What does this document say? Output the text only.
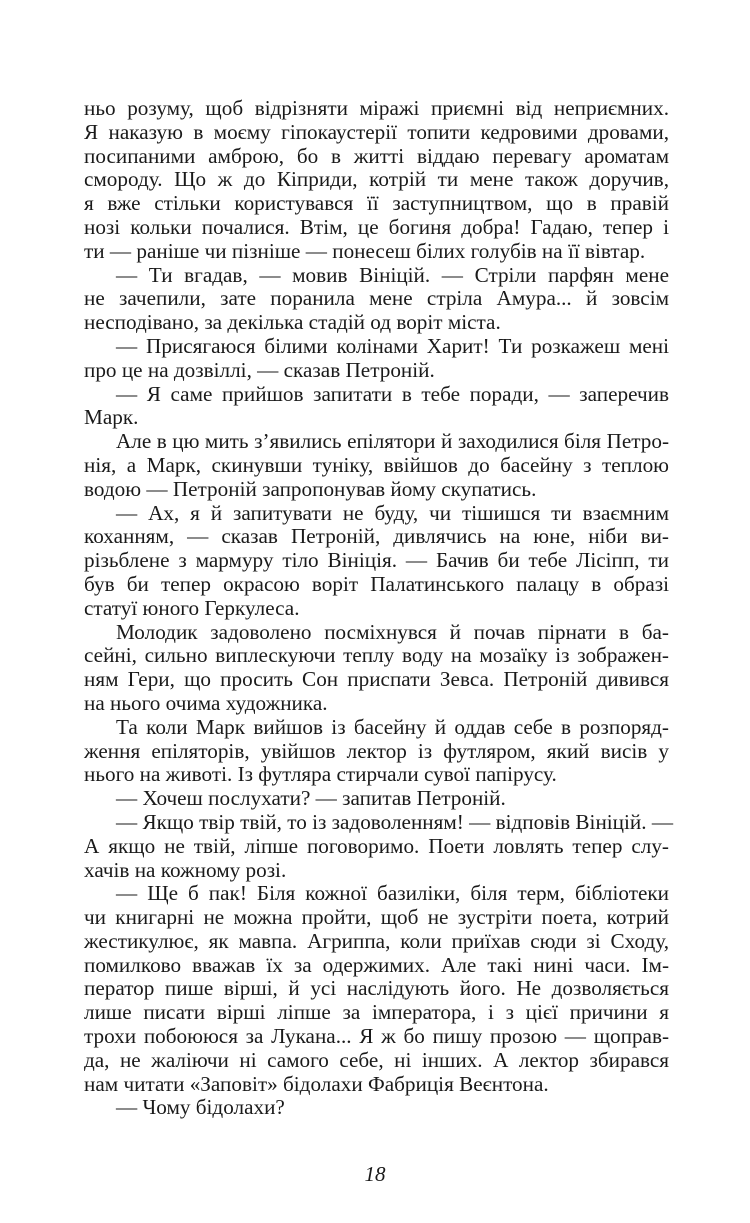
ньо розуму, щоб відрізняти міражі приємні від неприємних.
Я наказую в моєму гіпокаустерії топити кедровими дровами,
посипаними амброю, бо в житті віддаю перевагу ароматам
смороду. Що ж до Кіприди, котрій ти мене також доручив,
я вже стільки користувався її заступництвом, що в правій
нозі кольки почалися. Втім, це богиня добра! Гадаю, тепер і
ти — раніше чи пізніше — понесеш білих голубів на її вівтар.
— Ти вгадав, — мовив Вініцій. — Стріли парфян мене
не зачепили, зате поранила мене стріла Амура... й зовсім
несподівано, за декілька стадій од воріт міста.
— Присягаюся білими колінами Харит! Ти розкажеш мені
про це на дозвіллі, — сказав Петроній.
— Я саме прийшов запитати в тебе поради, — заперечив
Марк.
Але в цю мить з’явились епілятори й заходилися біля Петро-
нія, а Марк, скинувши туніку, ввійшов до басейну з теплою
водою — Петроній запропонував йому скупатись.
— Ах, я й запитувати не буду, чи тішишся ти взаємним
коханням, — сказав Петроній, дивлячись на юне, ніби ви-
різьблене з мармуру тіло Вініція. — Бачив би тебе Лісіпп, ти
був би тепер окрасою воріт Палатинського палацу в образі
статуї юного Геркулеса.
Молодик задоволено посміхнувся й почав пірнати в ба-
сейні, сильно виплескуючи теплу воду на мозаїку із зображен-
ням Гери, що просить Сон приспати Зевса. Петроній дивився
на нього очима художника.
Та коли Марк вийшов із басейну й оддав себе в розпоряд-
ження епіляторів, увійшов лектор із футляром, який висів у
нього на животі. Із футляра стирчали сувої папірусу.
— Хочеш послухати? — запитав Петроній.
— Якщо твір твій, то із задоволенням! — відповів Вініцій. —
А якщо не твій, ліпше поговоримо. Поети ловлять тепер слу-
хачів на кожному розі.
— Ще б пак! Біля кожної базиліки, біля терм, бібліотеки
чи книгарні не можна пройти, щоб не зустріти поета, котрий
жестикулює, як мавпа. Агриппа, коли приїхав сюди зі Сходу,
помилково вважав їх за одержимих. Але такі нині часи. Ім-
ператор пише вірші, й усі наслідують його. Не дозволяється
лише писати вірші ліпше за імператора, і з цієї причини я
трохи побоююся за Лукана... Я ж бо пишу прозою — щоправ-
да, не жаліючи ні самого себе, ні інших. А лектор збирався
нам читати «Заповіт» бідолахи Фабриція Веєнтона.
— Чому бідолахи?
18
